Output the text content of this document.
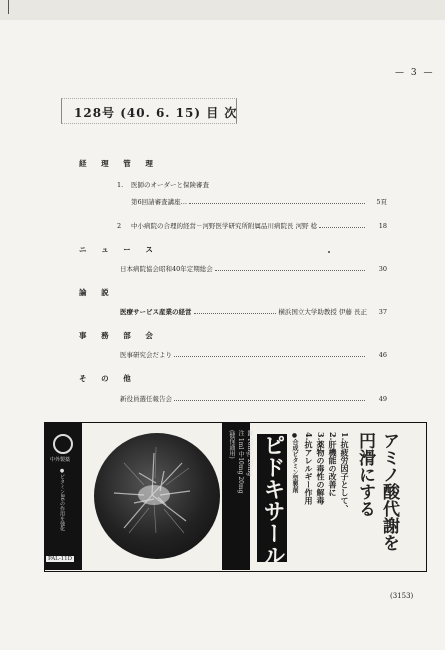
— 3 —
128号 (40. 6. 15) 目 次
経 理 管 理
1.	医師のオーダーと保険審査
第6回請審査講座…	5頁
2	中小病院の合理的経営－河野医学研究所附属品川病院長 河野 稔	18
ニ ュ ー ス
日本病院協会昭和40年定期総会	30
論 説
医療サービス産業の経営	横浜国立大学助教授 伊藤 長正	37
事 務 部 会
医事研究会だより	46
そ の 他
新役員選任報告会	49
中外製薬
●ビタミンB6の作用を強化
PAL-11D
錠 10mg, 20mg
注 1ml 中10mg 20mg
(健保適用)	ピドキサール	●合成ビタミン型製剤	1.抗疲労因子として、
2.肝機能の改善に
3.薬物の毒性の解毒
4.抗アレルギー作用	アミノ酸代謝を
円滑にする
(3153)
